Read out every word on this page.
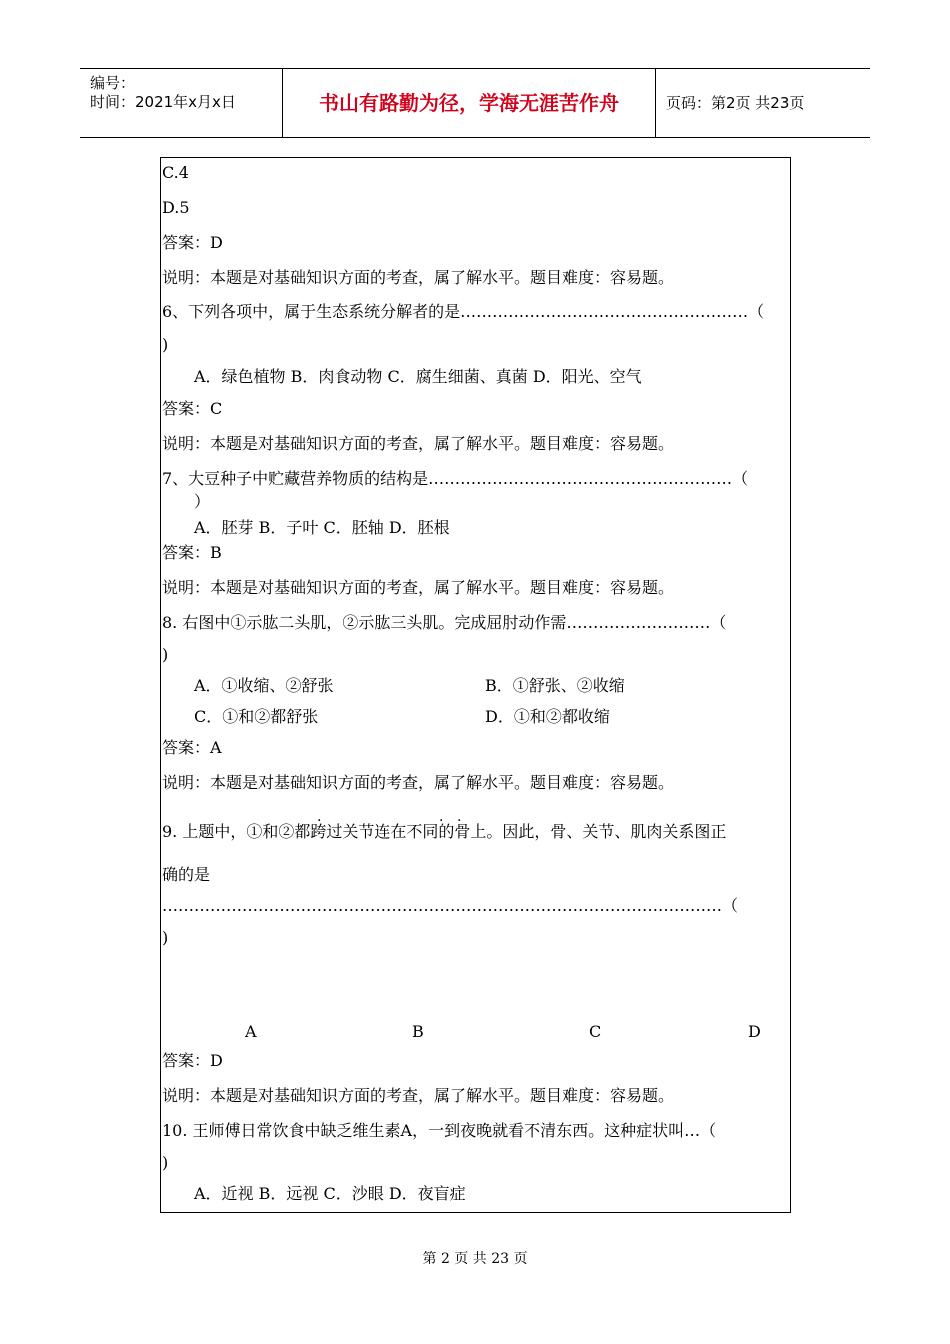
编号：
时间：2021年x月x日	书山有路勤为径，学海无涯苦作舟	页码：第2页 共23页
C.4
D.5
答案：D
说明：本题是对基础知识方面的考查，属了解水平。题目难度：容易题。
6、下列各项中，属于生态系统分解者的是………………………………………………（
)
A．绿色植物 B．肉食动物 C．腐生细菌、真菌 D．阳光、空气
答案：C
说明：本题是对基础知识方面的考查，属了解水平。题目难度：容易题。
7、大豆种子中贮藏营养物质的结构是…………………………………………………（
）
A．胚芽 B．子叶 C．胚轴 D．胚根
答案：B
说明：本题是对基础知识方面的考查，属了解水平。题目难度：容易题。
8. 右图中①示肱二头肌，②示肱三头肌。完成屈肘动作需………………………（
)
A．①收缩、②舒张	B．①舒张、②收缩
C．①和②都舒张	D．①和②都收缩
答案：A
说明：本题是对基础知识方面的考查，属了解水平。题目难度：容易题。
.	. .
9. 上题中，①和②都跨过关节连在不同的骨上。因此，骨、关节、肌肉关系图正
确的是
……………………………………………………………………………………………（
)
A	B	C	D
答案：D
说明：本题是对基础知识方面的考查，属了解水平。题目难度：容易题。
10. 王师傅日常饮食中缺乏维生素A，一到夜晚就看不清东西。这种症状叫…（
)
A．近视 B．远视 C．沙眼 D．夜盲症
第 2 页 共 23 页
